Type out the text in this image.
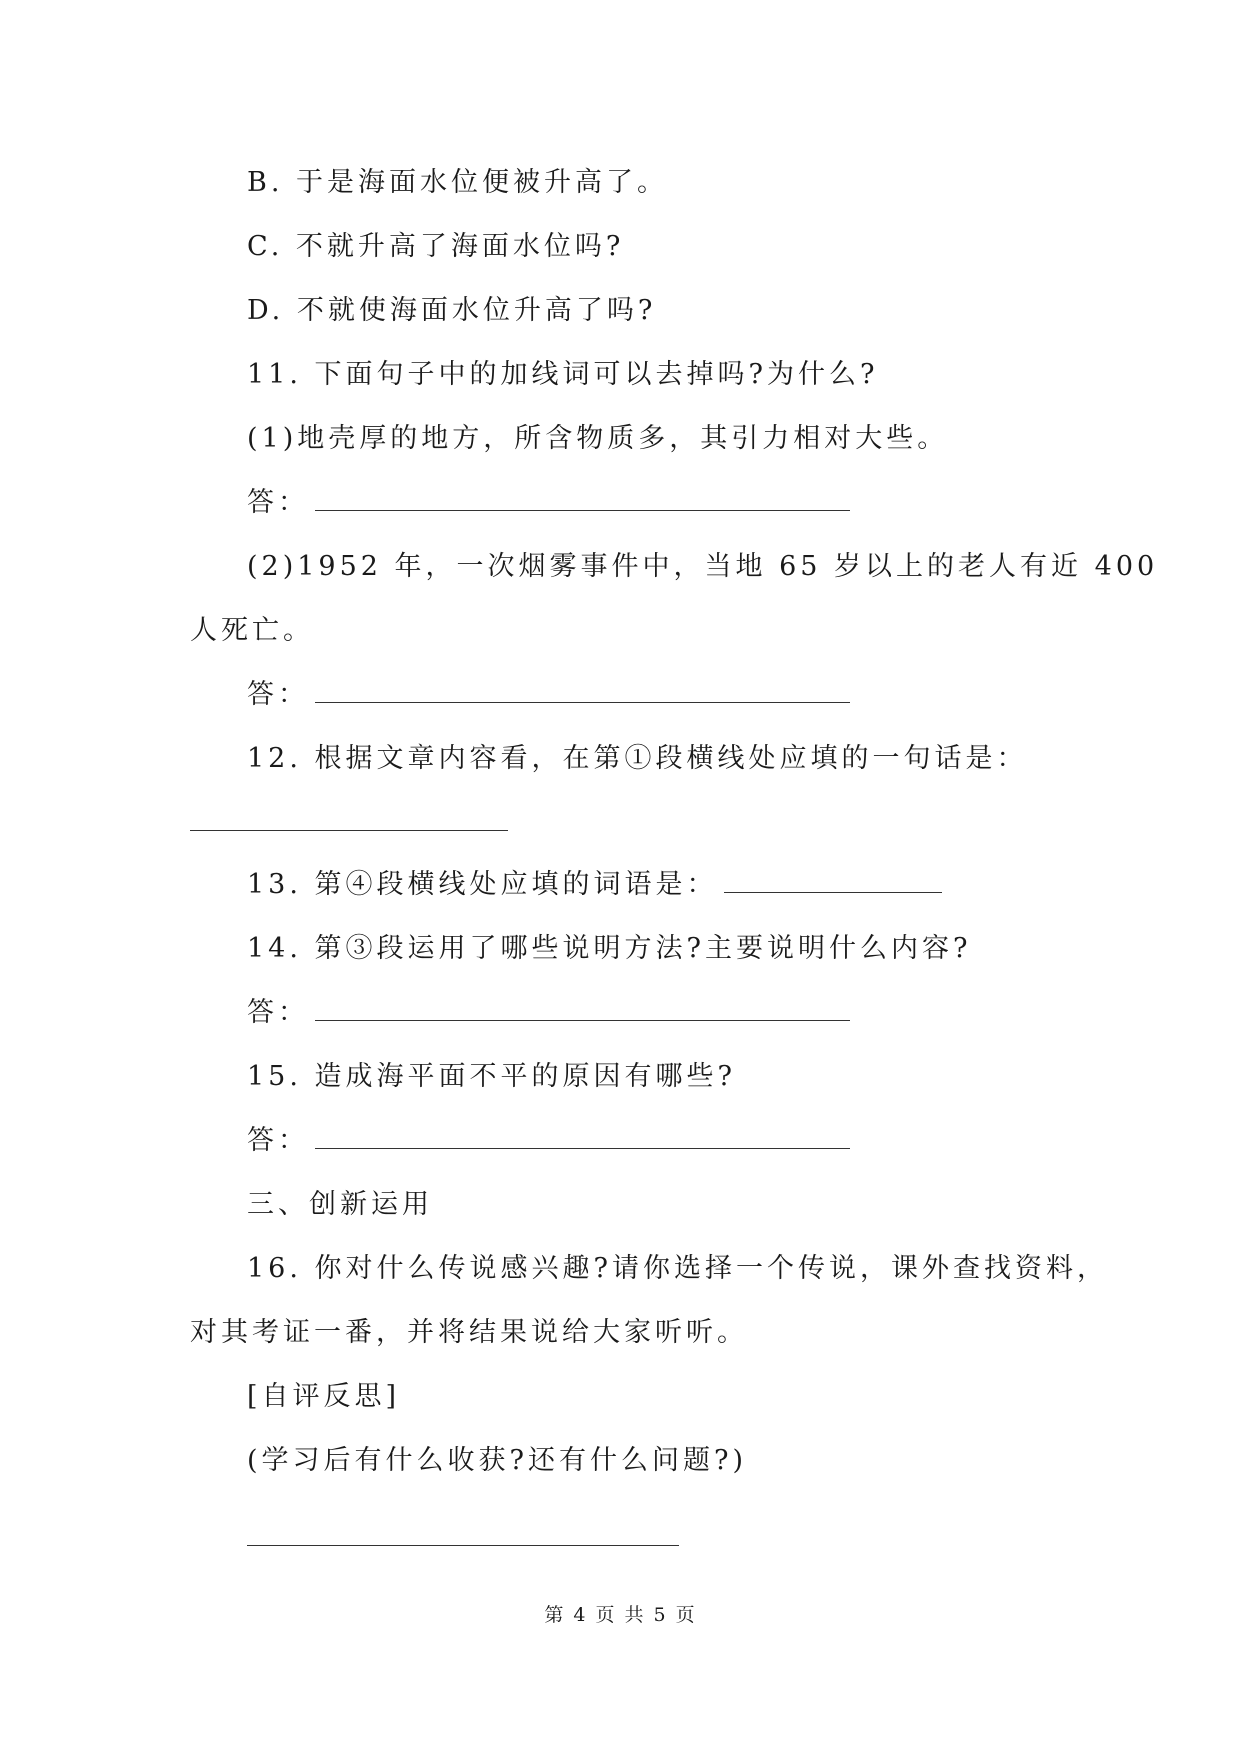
B. 于是海面水位便被升高了。
C. 不就升高了海面水位吗?
D. 不就使海面水位升高了吗?
11. 下面句子中的加线词可以去掉吗?为什么?
(1)地壳厚的地方，所含物质多，其引力相对大些。
答：
(2)1952 年，一次烟雾事件中，当地 65 岁以上的老人有近 400
人死亡。
答：
12. 根据文章内容看，在第①段横线处应填的一句话是：
13. 第④段横线处应填的词语是：
14. 第③段运用了哪些说明方法?主要说明什么内容?
答：
15. 造成海平面不平的原因有哪些?
答：
三、创新运用
16. 你对什么传说感兴趣?请你选择一个传说，课外查找资料，
对其考证一番，并将结果说给大家听听。
[自评反思]
(学习后有什么收获?还有什么问题?)
第 4 页 共 5 页
